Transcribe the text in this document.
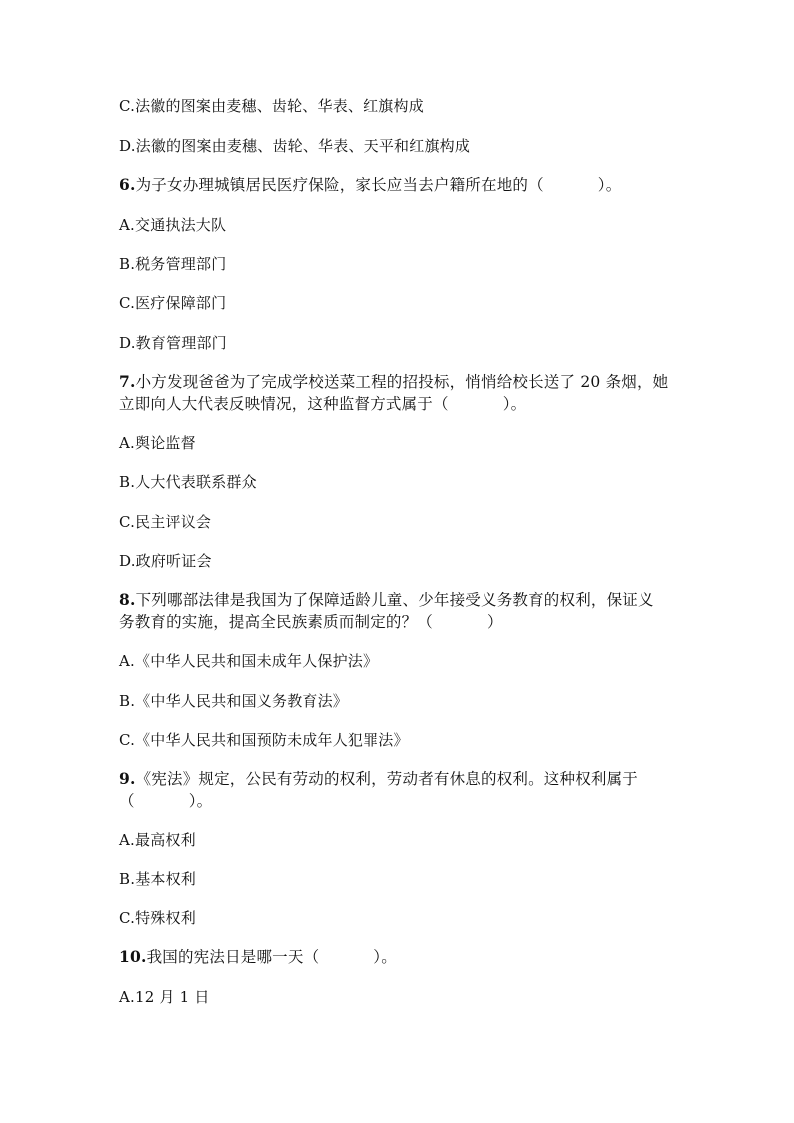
C.法徽的图案由麦穗、齿轮、华表、红旗构成
D.法徽的图案由麦穗、齿轮、华表、天平和红旗构成
6.为子女办理城镇居民医疗保险，家长应当去户籍所在地的（	）。
A.交通执法大队
B.税务管理部门
C.医疗保障部门
D.教育管理部门
7.小方发现爸爸为了完成学校送菜工程的招投标，悄悄给校长送了 20 条烟，她
立即向人大代表反映情况，这种监督方式属于（	）。
A.舆论监督
B.人大代表联系群众
C.民主评议会
D.政府听证会
8.下列哪部法律是我国为了保障适龄儿童、少年接受义务教育的权利，保证义
务教育的实施，提高全民族素质而制定的？（	）
A.《中华人民共和国未成年人保护法》
B.《中华人民共和国义务教育法》
C.《中华人民共和国预防未成年人犯罪法》
9.《宪法》规定，公民有劳动的权利，劳动者有休息的权利。这种权利属于
（	）。
A.最高权利
B.基本权利
C.特殊权利
10.我国的宪法日是哪一天（	）。
A.12 月 1 日
